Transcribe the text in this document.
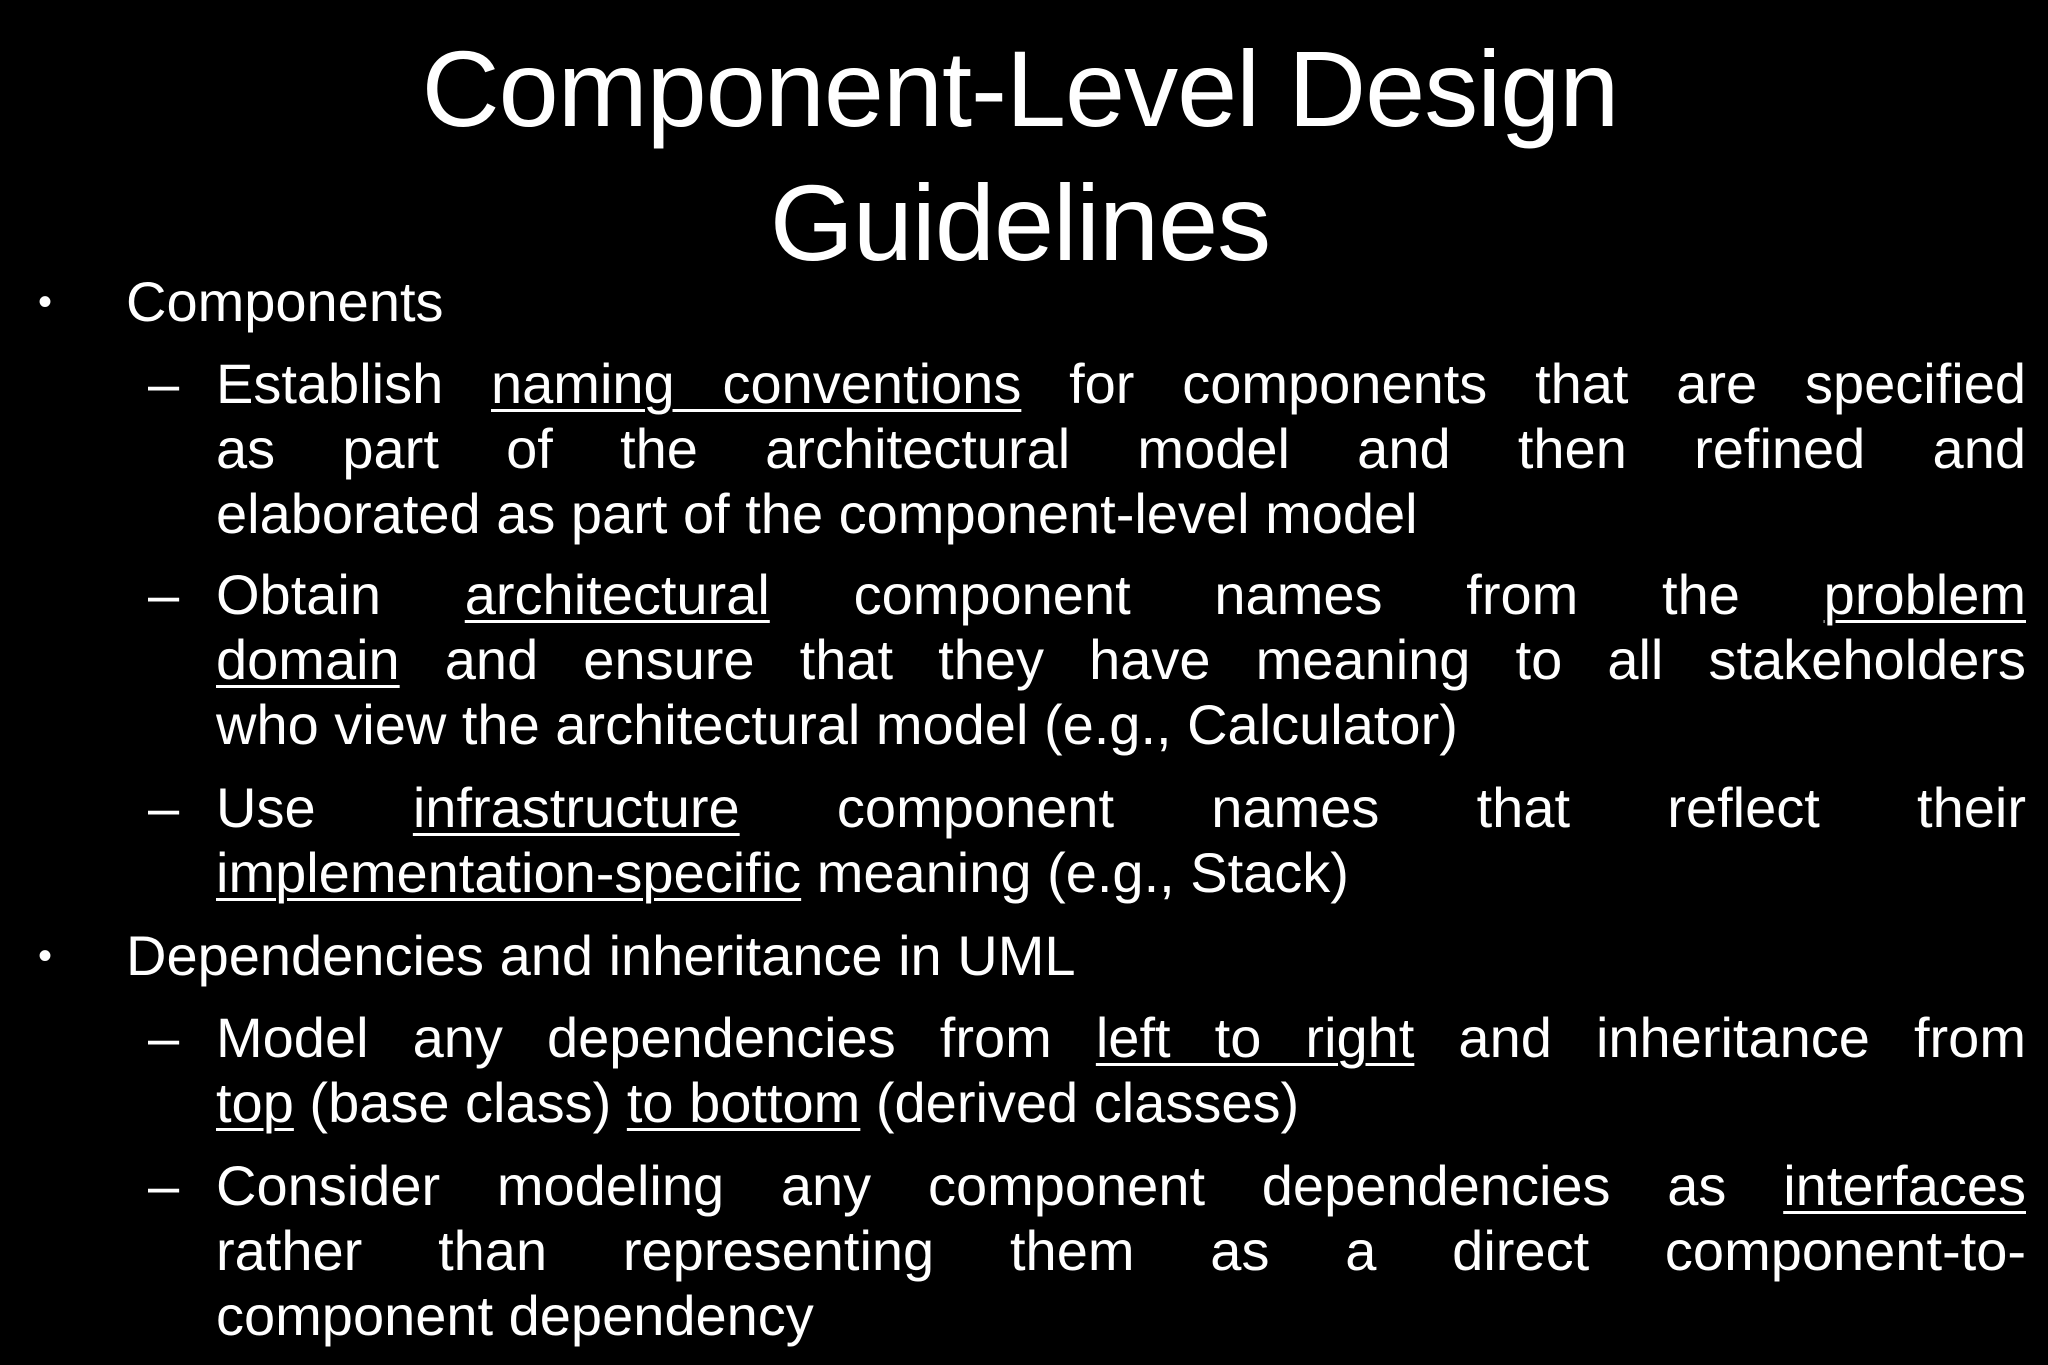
Component-Level Design
Guidelines
• Components
– Establish naming conventions for components that are specified
as part of the architectural model and then refined and
elaborated as part of the component-level model
– Obtain architectural component names from the problem
domain and ensure that they have meaning to all stakeholders
who view the architectural model (e.g., Calculator)
– Use infrastructure component names that reflect their
implementation-specific meaning (e.g., Stack)
• Dependencies and inheritance in UML
– Model any dependencies from left to right and inheritance from
top (base class) to bottom (derived classes)
– Consider modeling any component dependencies as interfaces
rather than representing them as a direct component-to-
component dependency
